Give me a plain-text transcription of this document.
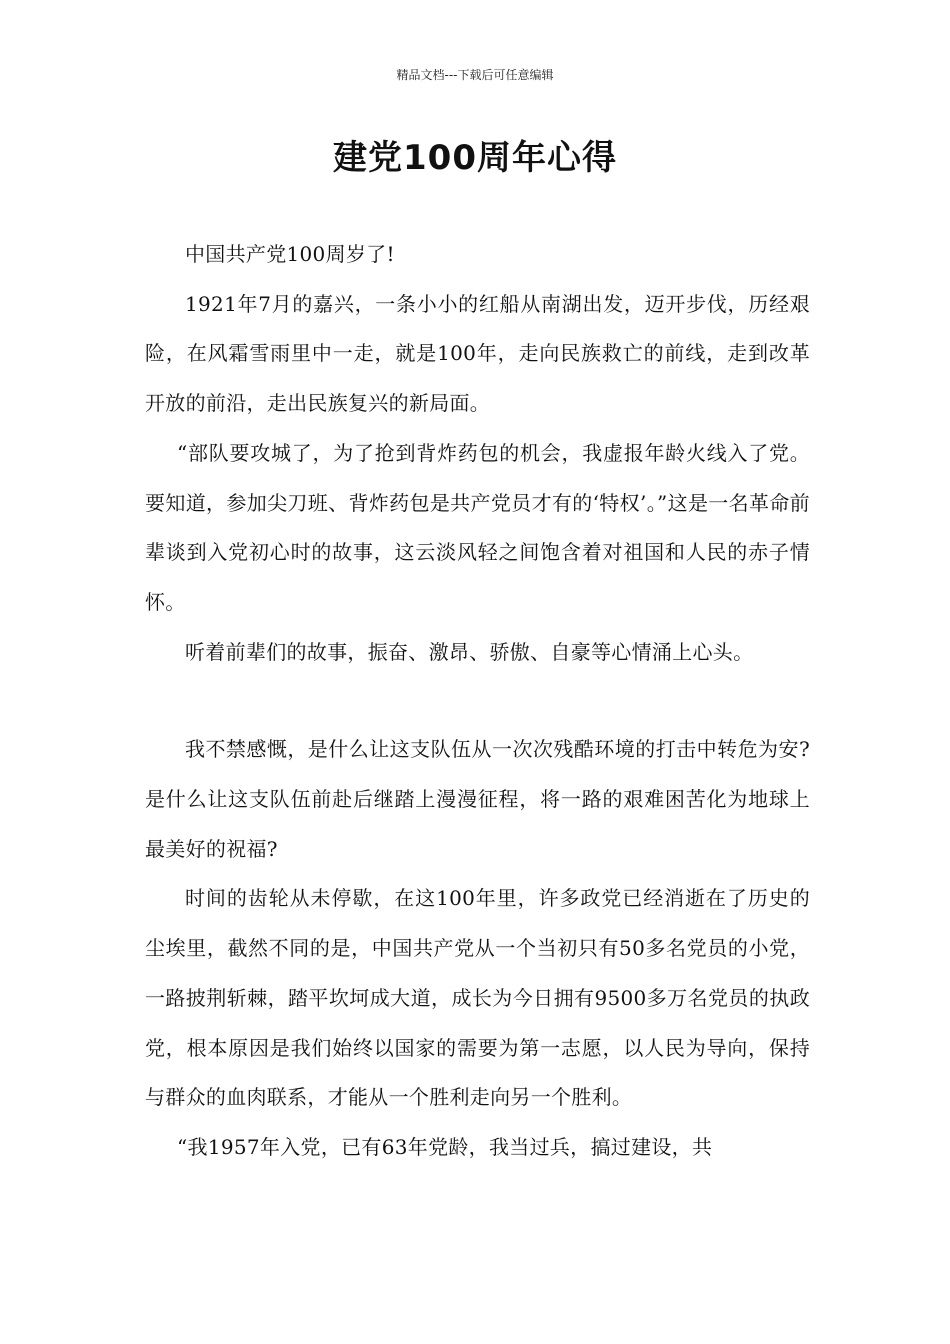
精品文档---下载后可任意编辑
建党100周年心得

中国共产党100周岁了!

1921年7月的嘉兴，一条小小的红船从南湖出发，迈开步伐，历经艰险，在风霜雪雨里中一走，就是100年，走向民族救亡的前线，走到改革开放的前沿，走出民族复兴的新局面。

“部队要攻城了，为了抢到背炸药包的机会，我虚报年龄火线入了党。要知道，参加尖刀班、背炸药包是共产党员才有的‘特权’。”这是一名革命前辈谈到入党初心时的故事，这云淡风轻之间饱含着对祖国和人民的赤子情怀。

听着前辈们的故事，振奋、激昂、骄傲、自豪等心情涌上心头。

我不禁感慨，是什么让这支队伍从一次次残酷环境的打击中转危为安?是什么让这支队伍前赴后继踏上漫漫征程，将一路的艰难困苦化为地球上最美好的祝福?

时间的齿轮从未停歇，在这100年里，许多政党已经消逝在了历史的尘埃里，截然不同的是，中国共产党从一个当初只有50多名党员的小党，一路披荆斩棘，踏平坎坷成大道，成长为今日拥有9500多万名党员的执政党，根本原因是我们始终以国家的需要为第一志愿，以人民为导向，保持与群众的血肉联系，才能从一个胜利走向另一个胜利。

“我1957年入党，已有63年党龄，我当过兵，搞过建设，共
